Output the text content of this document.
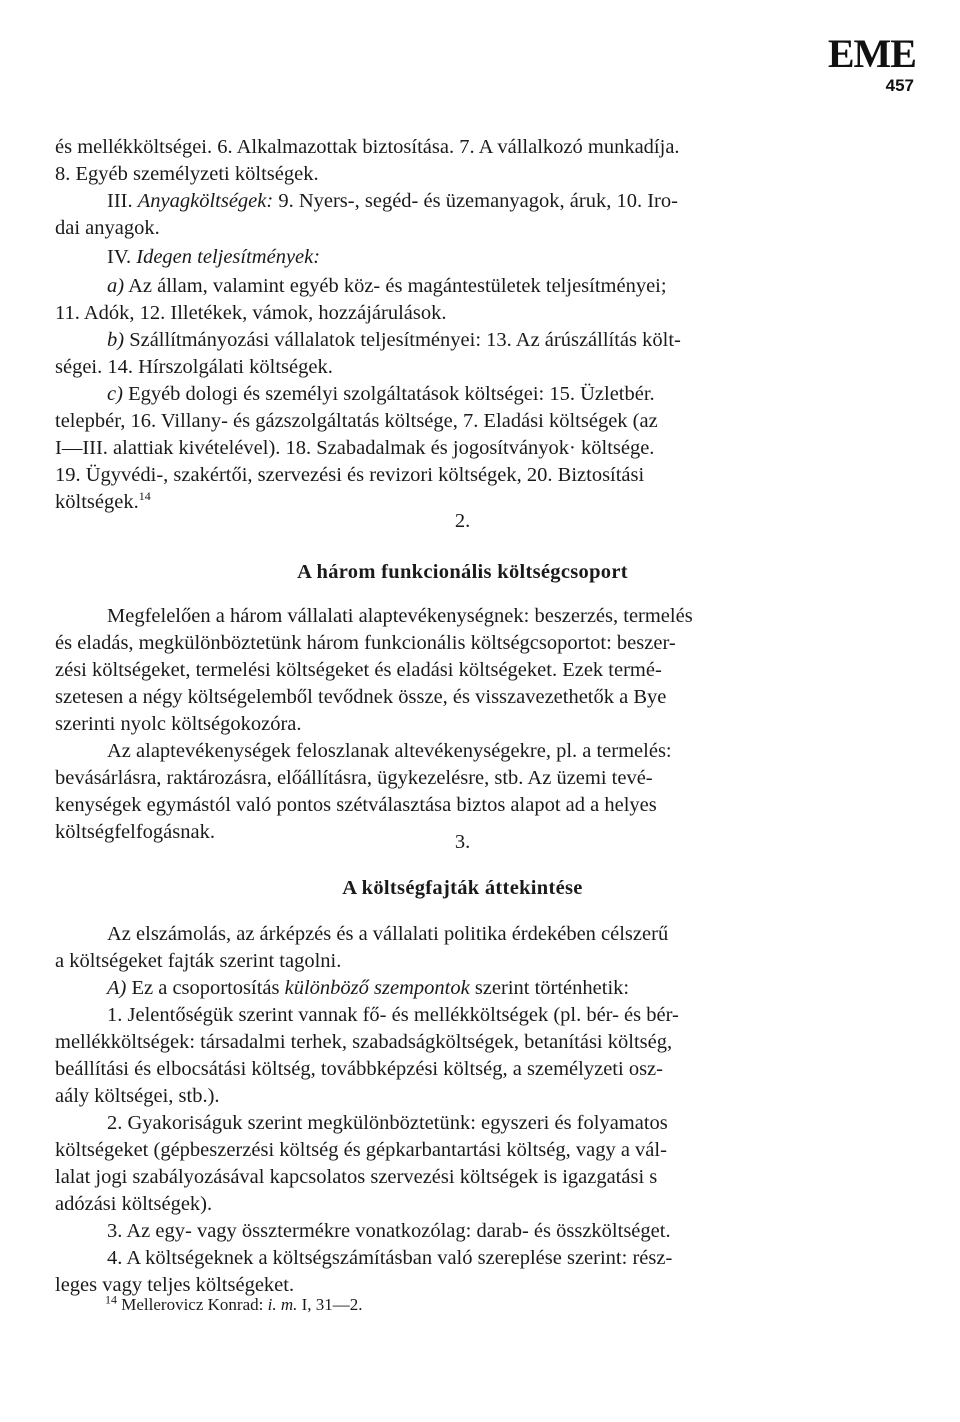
EME
457

és mellékköltségei. 6. Alkalmazottak biztosítása. 7. A vállalkozó munkadíja.

8. Egyéb személyzeti költségek.

III. Anyagköltségek: 9. Nyers-, segéd- és üzemanyagok, áruk, 10. Iro-

dai anyagok.

IV. Idegen teljesítmények:

a) Az állam, valamint egyéb köz- és magántestületek teljesítményei;

11. Adók, 12. Illetékek, vámok, hozzájárulások.

b) Szállítmányozási vállalatok teljesítményei: 13. Az árúszállítás költ-

ségei. 14. Hírszolgálati költségek.

c) Egyéb dologi és személyi szolgáltatások költségei: 15. Üzletbér.

telepbér, 16. Villany- és gázszolgáltatás költsége, 7. Eladási költségek (az

I—III. alattiak kivételével). 18. Szabadalmak és jogosítványok· költsége.

19. Ügyvédi-, szakértői, szervezési és revizori költségek, 20. Biztosítási

költségek.$^{14}$

2.
A három funkcionális költségcsoport

Megfelelően a három vállalati alaptevékenységnek: beszerzés, termelés

és eladás, megkülönböztetünk három funkcionális költségcsoportot: beszer-

zési költségeket, termelési költségeket és eladási költségeket. Ezek termé-

szetesen a négy költségelemből tevődnek össze, és visszavezethetők a Bye

szerinti nyolc költségokozóra.

Az alaptevékenységek feloszlanak altevékenységekre, pl. a termelés:

bevásárlásra, raktározásra, előállításra, ügykezelésre, stb. Az üzemi tevé-

kenységek egymástól való pontos szétválasztása biztos alapot ad a helyes

költségfelfogásnak.	3.
A költségfajták áttekintése

Az elszámolás, az árképzés és a vállalati politika érdekében célszerű

a költségeket fajták szerint tagolni.

A) Ez a csoportosítás különböző szempontok szerint történhetik:

1. Jelentőségük szerint vannak fő- és mellékköltségek (pl. bér- és bér-

mellékköltségek: társadalmi terhek, szabadságköltségek, betanítási költség,

beállítási és elbocsátási költség, továbbképzési költség, a személyzeti osz-

aály költségei, stb.).

2. Gyakoriságuk szerint megkülönböztetünk: egyszeri és folyamatos

költségeket (gépbeszerzési költség és gépkarbantartási költség, vagy a vál-

lalat jogi szabályozásával kapcsolatos szervezési költségek is igazgatási s

adózási költségek).

3. Az egy- vagy össztermékre vonatkozólag: darab- és összköltséget.

4. A költségeknek a költségszámításban való szereplése szerint: rész-

leges vagy teljes költségeket.

$^{14}$ Mellerovicz Konrad: i. m. I, 31—2.
